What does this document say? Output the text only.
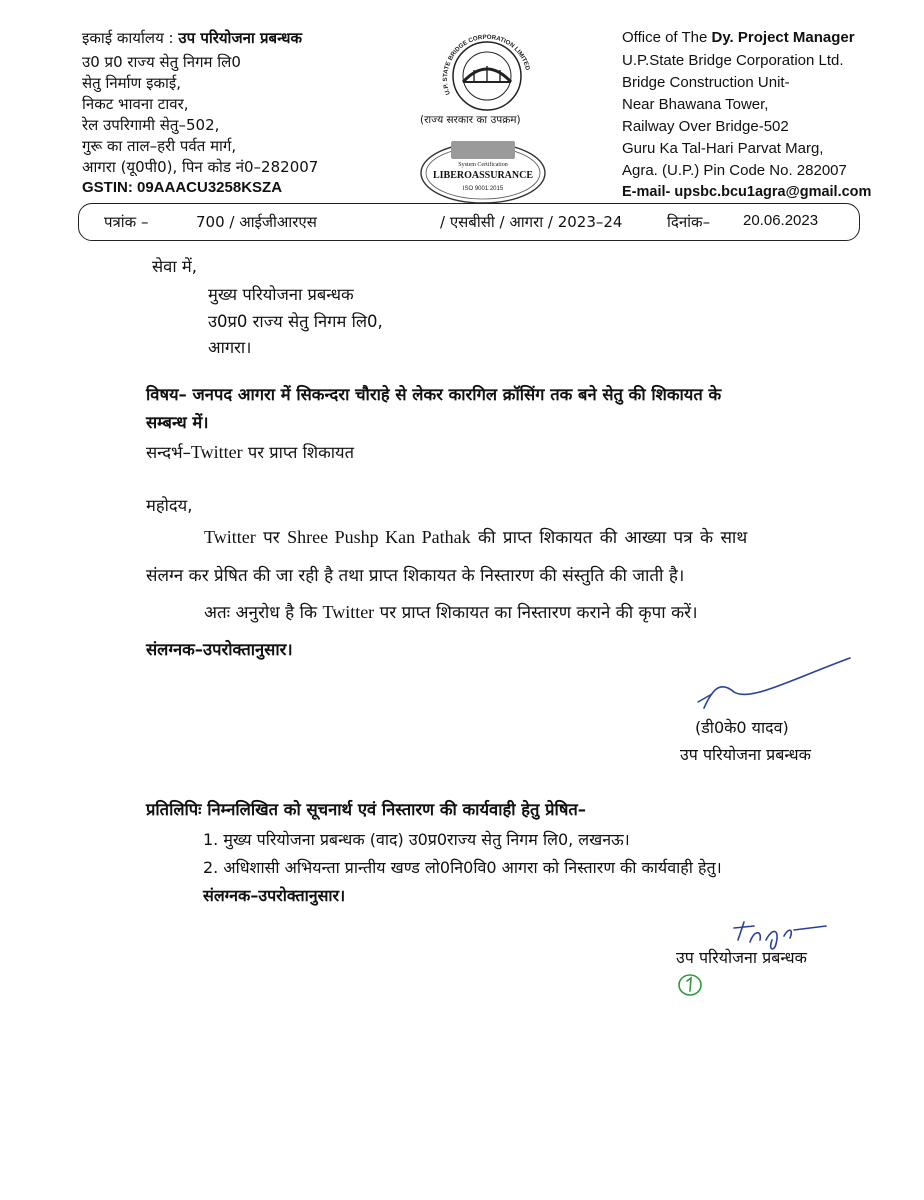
इकाई कार्यालय : उप परियोजना प्रबन्धक
उ0 प्र0 राज्य सेतु निगम लि0
सेतु निर्माण इकाई,
निकट भावना टावर,
रेल उपरिगामी सेतु–502,
गुरू का ताल–हरी पर्वत मार्ग,
आगरा (यू0पी0), पिन कोड नं0–282007
GSTIN: 09AAACU3258KSZA
U.P. STATE BRIDGE CORPORATION LIMITED
(राज्य सरकार का उपक्रम)
System Certification
LIBEROASSURANCE
ISO 9001:2015
Office of The Dy. Project Manager
U.P.State Bridge Corporation Ltd.
Bridge Construction Unit-
Near Bhawana Tower,
Railway Over Bridge-502
Guru Ka Tal-Hari Parvat Marg,
Agra. (U.P.) Pin Code No. 282007
E-mail- upsbc.bcu1agra@gmail.com
पत्रांक –	700 / आईजीआरएस	/ एसबीसी / आगरा / 2023–24	दिनांक– 20.06.2023
सेवा में,
मुख्य परियोजना प्रबन्धक
उ0प्र0 राज्य सेतु निगम लि0,
आगरा।
विषय– जनपद आगरा में सिकन्दरा चौराहे से लेकर कारगिल क्रॉसिंग तक बने सेतु की शिकायत के
सम्बन्ध में।
सन्दर्भ–Twitter पर प्राप्त शिकायत
महोदय,
Twitter पर Shree Pushp Kan Pathak की प्राप्त शिकायत की आख्या पत्र के साथ
संलग्न कर प्रेषित की जा रही है तथा प्राप्त शिकायत के निस्तारण की संस्तुति की जाती है।
अतः अनुरोध है कि Twitter पर प्राप्त शिकायत का निस्तारण कराने की कृपा करें।
संलग्नक–उपरोक्तानुसार।
(डी0के0 यादव)
उप परियोजना प्रबन्धक
प्रतिलिपिः निम्नलिखित को सूचनार्थ एवं निस्तारण की कार्यवाही हेतु प्रेषित–
1. मुख्य परियोजना प्रबन्धक (वाद) उ0प्र0राज्य सेतु निगम लि0, लखनऊ।
2. अधिशासी अभियन्ता प्रान्तीय खण्ड लो0नि0वि0 आगरा को निस्तारण की कार्यवाही हेतु।
संलग्नक–उपरोक्तानुसार।
उप परियोजना प्रबन्धक
